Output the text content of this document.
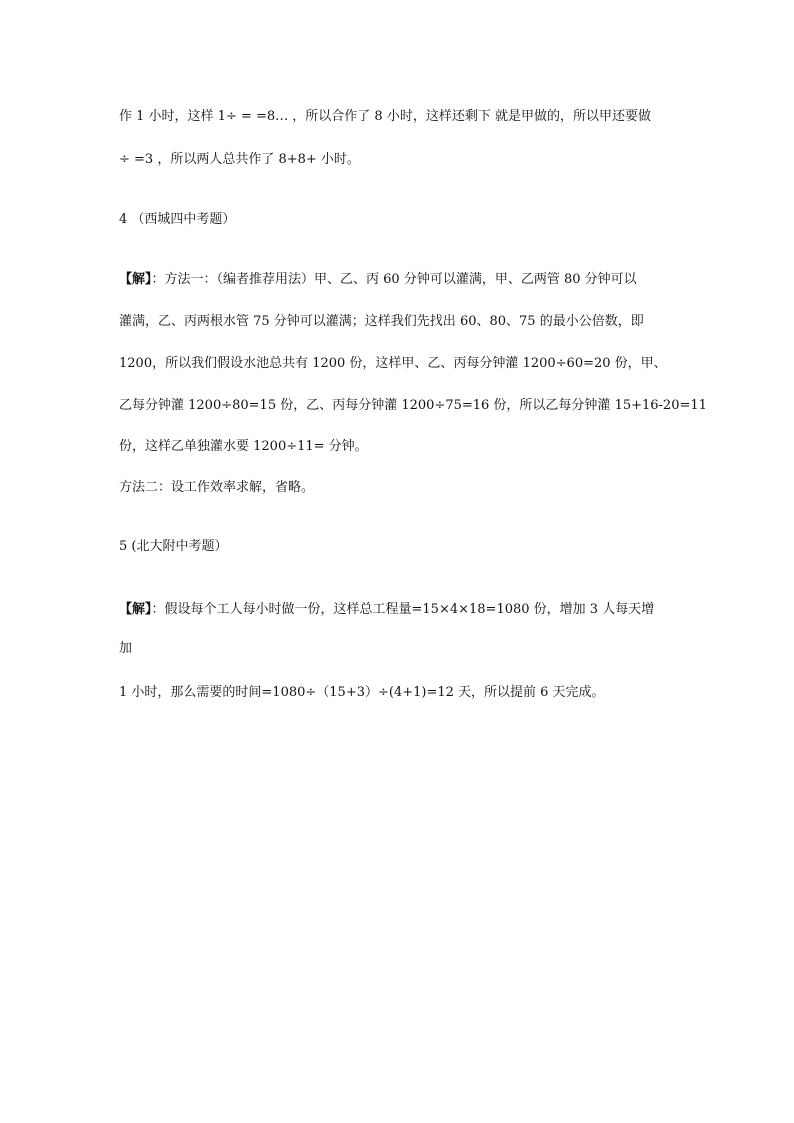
作 1 小时，这样 1÷ = =8… ，所以合作了 8 小时，这样还剩下 就是甲做的，所以甲还要做
÷ =3 ，所以两人总共作了 8+8+ 小时。
4 （西城四中考题）
【解】：方法一：（编者推荐用法）甲、乙、丙 60 分钟可以灌满，甲、乙两管 80 分钟可以
灌满，乙、丙两根水管 75 分钟可以灌满；这样我们先找出 60、80、75 的最小公倍数，即
1200，所以我们假设水池总共有 1200 份，这样甲、乙、丙每分钟灌 1200÷60=20 份，甲、
乙每分钟灌 1200÷80=15 份，乙、丙每分钟灌 1200÷75=16 份，所以乙每分钟灌 15+16-20=11
份，这样乙单独灌水要 1200÷11= 分钟。
方法二：设工作效率求解，省略。
5 (北大附中考题）
【解】：假设每个工人每小时做一份，这样总工程量=15×4×18=1080 份，增加 3 人每天增
加
1 小时，那么需要的时间=1080÷（15+3）÷(4+1)=12 天，所以提前 6 天完成。
